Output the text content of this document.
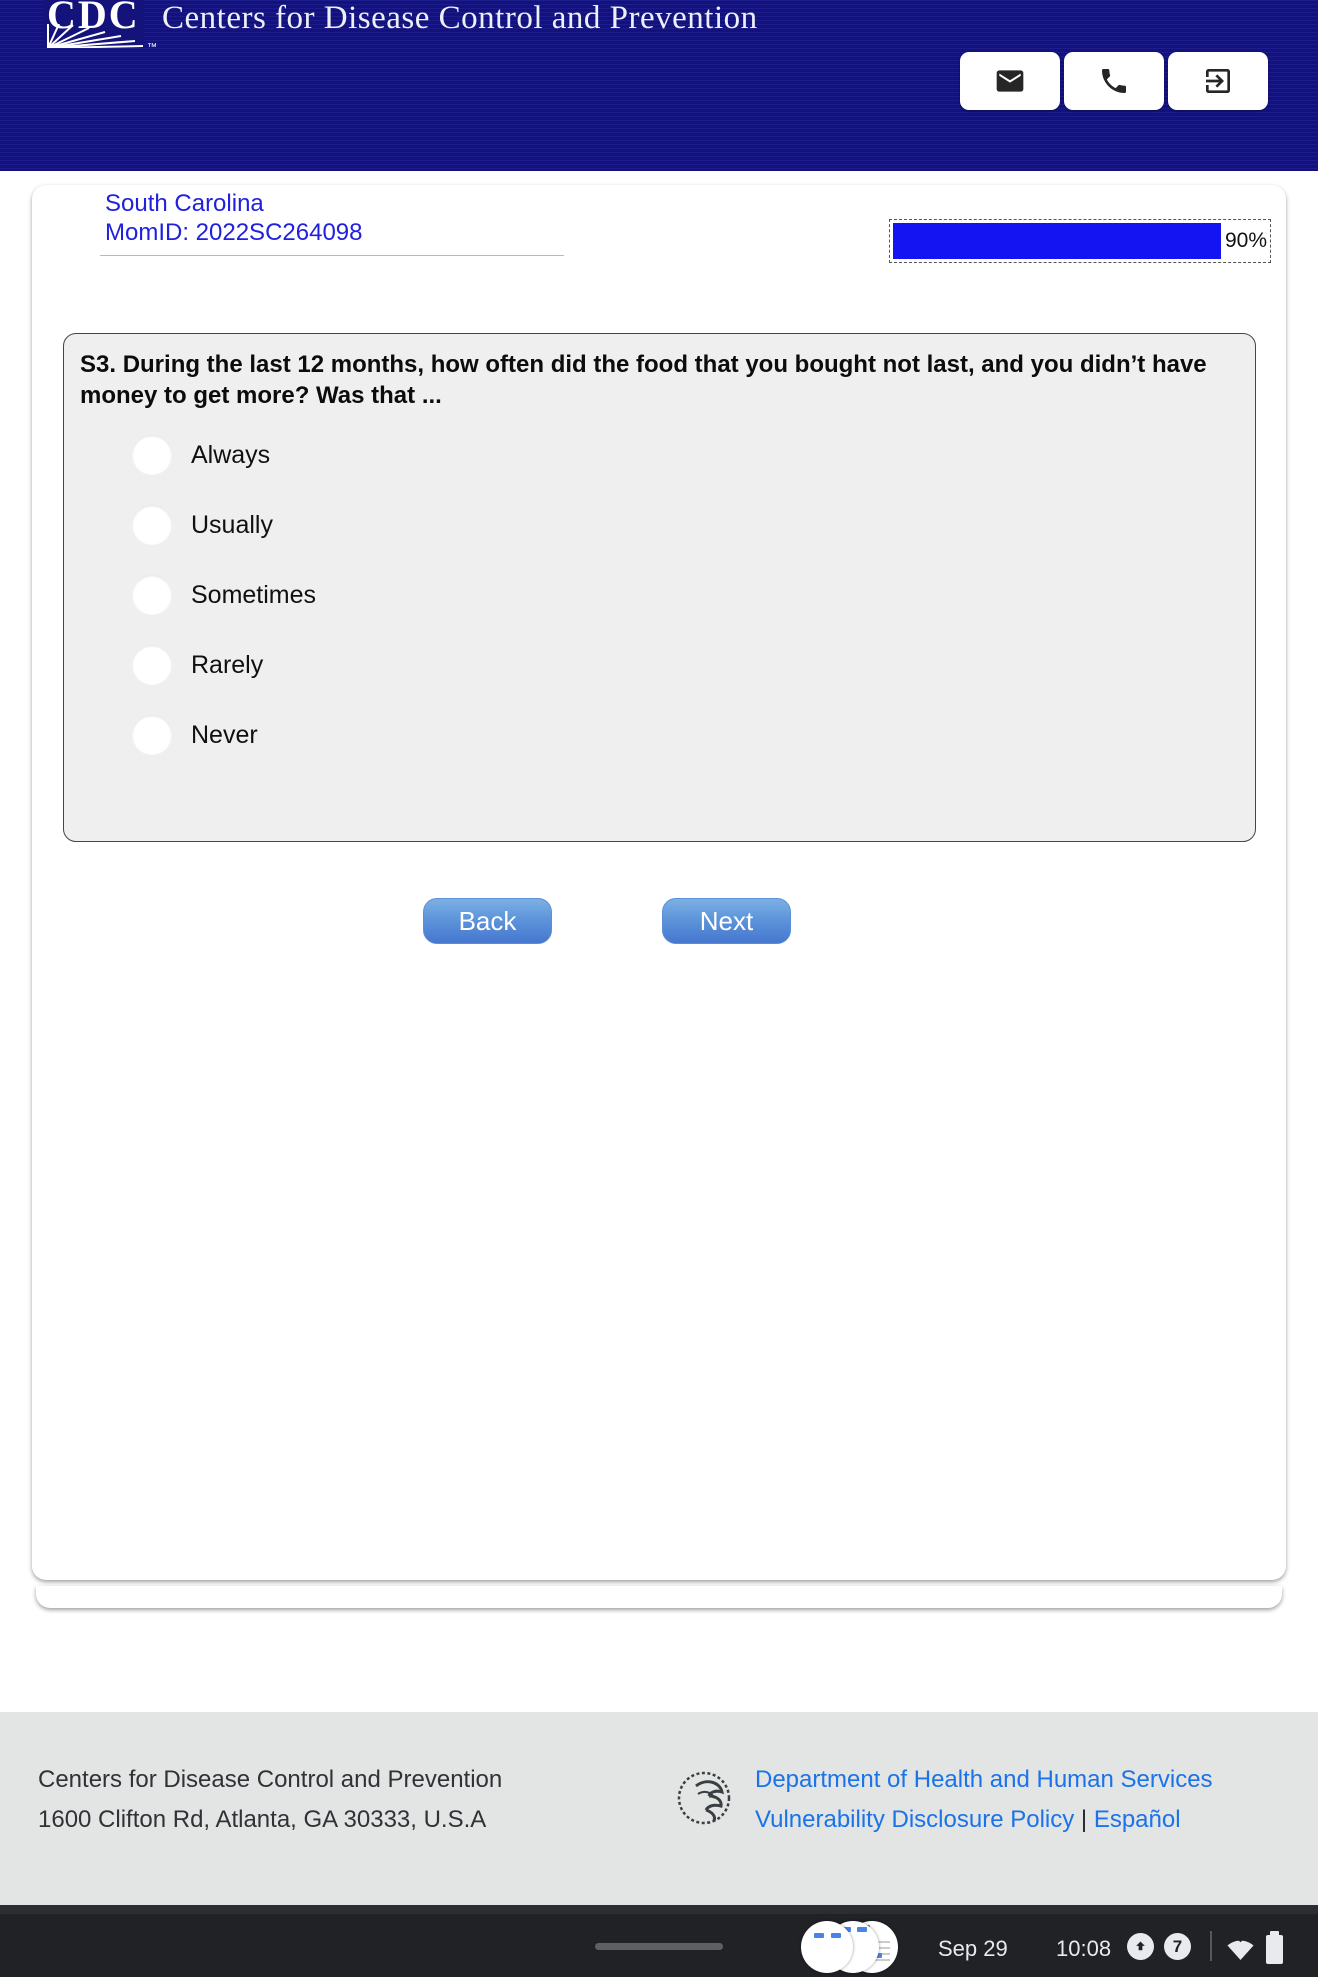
CDC
™
Centers for Disease Control and Prevention
South Carolina
MomID: 2022SC264098	90%
S3. During the last 12 months, how often did the food that you bought not last, and you didn’t have money to get more? Was that ...
Always
Usually
Sometimes
Rarely
Never
Back	Next
Centers for Disease Control and Prevention
1600 Clifton Rd, Atlanta, GA 30333, U.S.A
Department of Health and Human Services
Vulnerability Disclosure Policy | Español
Sep 29 10:08	7
